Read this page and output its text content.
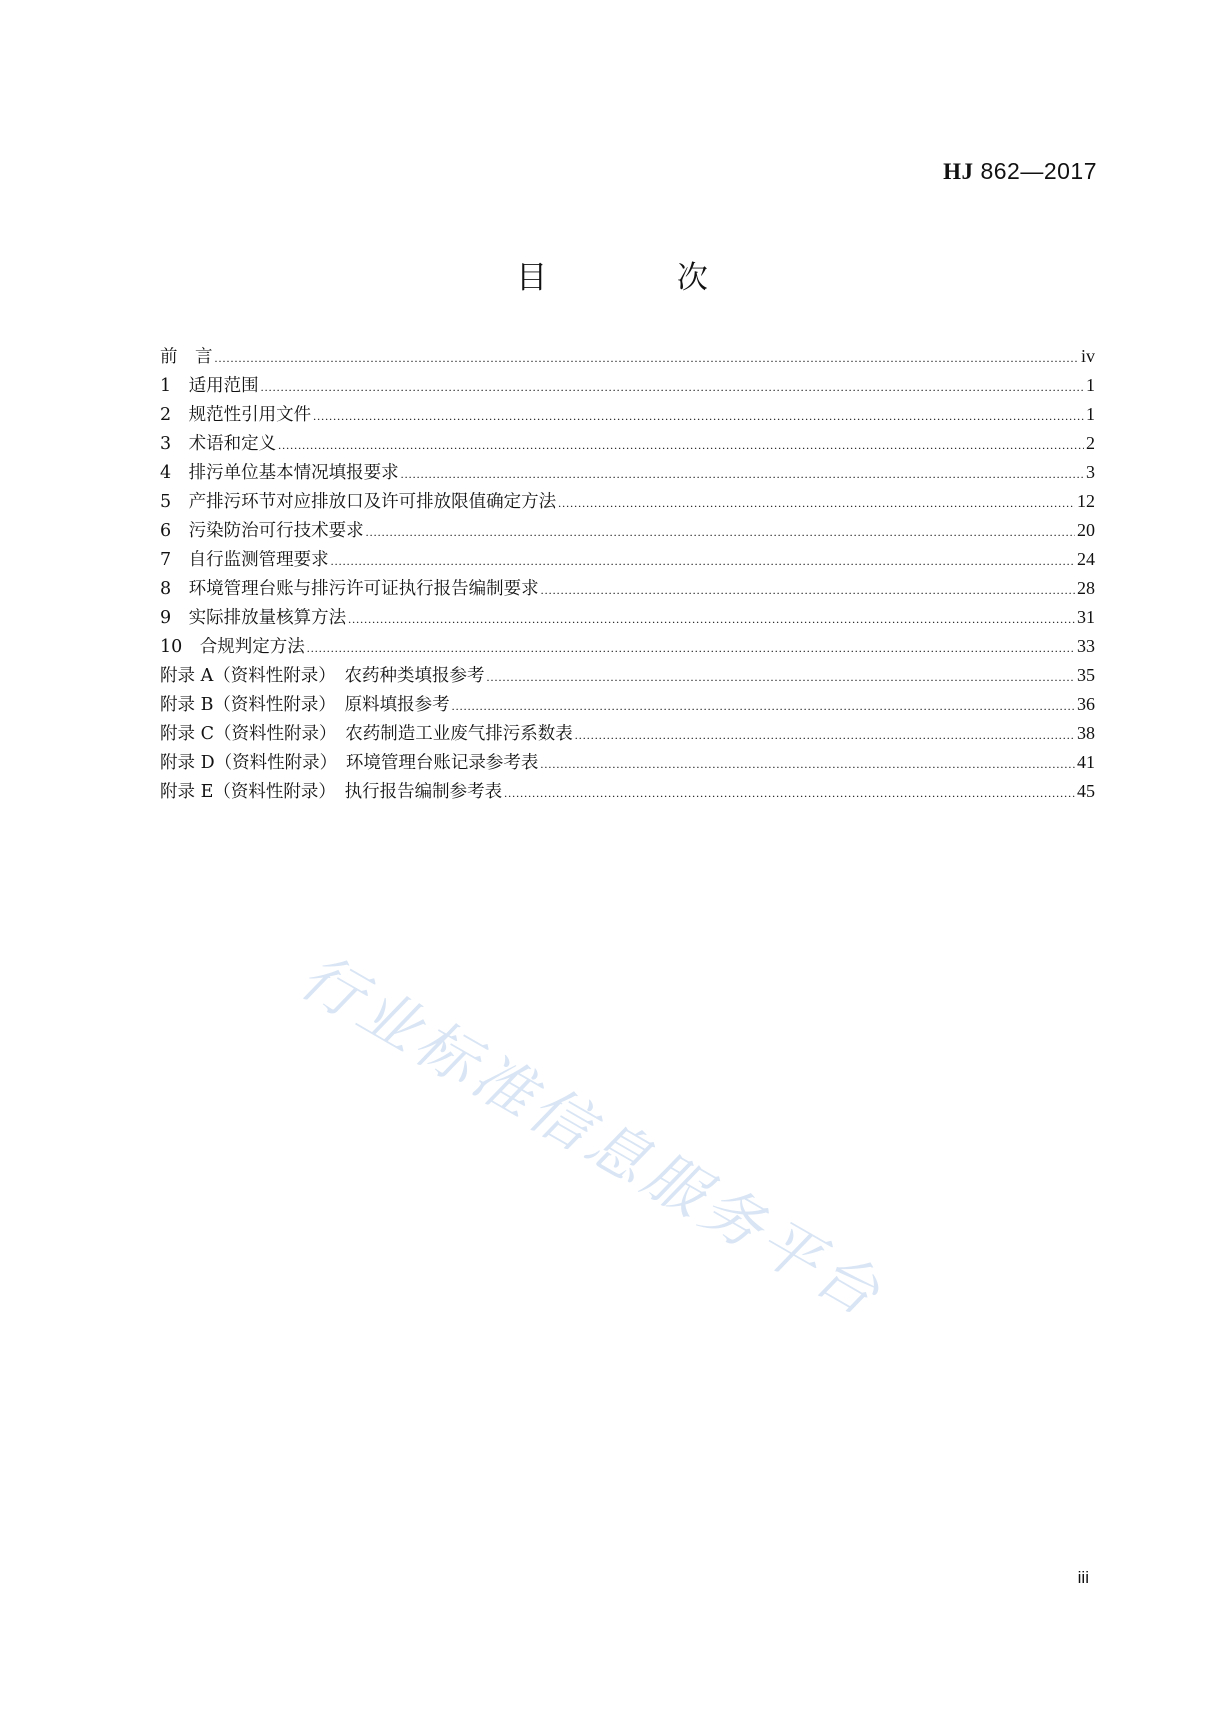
HJ 862—2017
目 次
前　言 .....	iv
1　适用范围 .....	1
2　规范性引用文件 .....	1
3　术语和定义 .....	2
4　排污单位基本情况填报要求 .....	3
5　产排污环节对应排放口及许可排放限值确定方法 .....	12
6　污染防治可行技术要求 .....	20
7　自行监测管理要求 .....	24
8　环境管理台账与排污许可证执行报告编制要求 .....	28
9　实际排放量核算方法 .....	31
10　合规判定方法 .....	33
附录 A（资料性附录）　农药种类填报参考 .....	35
附录 B（资料性附录）　原料填报参考 .....	36
附录 C（资料性附录）　农药制造工业废气排污系数表 .....	38
附录 D（资料性附录）　环境管理台账记录参考表 .....	41
附录 E（资料性附录）　执行报告编制参考表 .....	45
行业标准信息服务平台
iii
